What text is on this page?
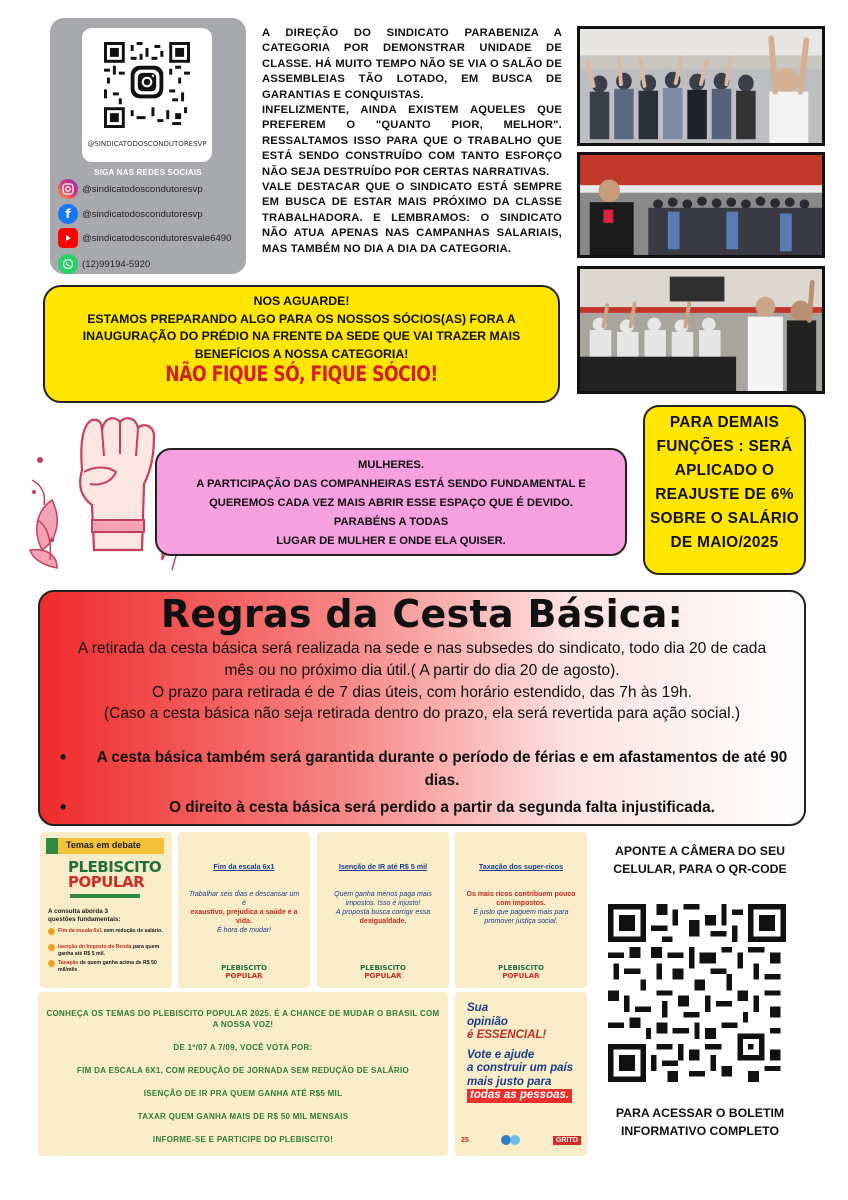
@SINDICATODOSCONDUTORESVP
SIGA NAS REDES SOCIAIS
@sindicatodoscondutoresvp
f	@sindicatodoscondutoresvp
@sindicatodoscondutoresvale6490
(12)99194-5920

A DIREÇÃO DO SINDICATO PARABENIZA A CATEGORIA POR DEMONSTRAR UNIDADE DE CLASSE. HÁ MUITO TEMPO NÃO SE VIA O SALÃO DE ASSEMBLEIAS TÃO LOTADO, EM BUSCA DE GARANTIAS E CONQUISTAS.

INFELIZMENTE, AINDA EXISTEM AQUELES QUE PREFEREM O "QUANTO PIOR, MELHOR". RESSALTAMOS ISSO PARA QUE O TRABALHO QUE ESTÁ SENDO CONSTRUÍDO COM TANTO ESFORÇO NÃO SEJA DESTRUÍDO POR CERTAS NARRATIVAS.

VALE DESTACAR QUE O SINDICATO ESTÁ SEMPRE EM BUSCA DE ESTAR MAIS PRÓXIMO DA CLASSE TRABALHADORA. E LEMBRAMOS: O SINDICATO NÃO ATUA APENAS NAS CAMPANHAS SALARIAIS, MAS TAMBÉM NO DIA A DIA DA CATEGORIA.

NOS AGUARDE!
ESTAMOS PREPARANDO ALGO PARA OS NOSSOS SÓCIOS(AS) FORA A
INAUGURAÇÃO DO PRÉDIO NA FRENTE DA SEDE QUE VAI TRAZER MAIS
BENEFÍCIOS A NOSSA CATEGORIA!
NÃO FIQUE SÓ, FIQUE SÓCIO!
MULHERES.
A PARTICIPAÇÃO DAS COMPANHEIRAS ESTÁ SENDO FUNDAMENTAL E
QUEREMOS CADA VEZ MAIS ABRIR ESSE ESPAÇO QUE É DEVIDO.
PARABÉNS A TODAS
LUGAR DE MULHER E ONDE ELA QUISER.
PARA DEMAIS
FUNÇÕES : SERÁ
APLICADO O
REAJUSTE DE 6%
SOBRE O SALÁRIO
DE MAIO/2025
Regras da Cesta Básica:
A retirada da cesta básica será realizada na sede e nas subsedes do sindicato, todo dia 20 de cada
mês ou no próximo dia útil.( A partir do dia 20 de agosto).
O prazo para retirada é de 7 dias úteis, com horário estendido, das 7h às 19h.
(Caso a cesta básica não seja retirada dentro do prazo, ela será revertida para ação social.)
• A cesta básica também será garantida durante o período de férias e em afastamentos de até 90 dias.
• O direito à cesta básica será perdido a partir da segunda falta injustificada.
Temas em debate
PLEBISCITO
POPULAR
A consulta aborda 3 questões fundamentais:
Fim da escala 6x1 sem redução de salário.
Isenção do Imposto de Renda para quem ganha até R$ 5 mil.
Taxação de quem ganha acima de R$ 50 mil/mês
Fim da escala 6x1
Trabalhar seis dias e descansar um é
exaustivo, prejudica a saúde e a vida.
É hora de mudar!
PLEBISCITO
POPULAR
Isenção de IR até R$ 5 mil
Quem ganha menos paga mais impostos. Isso é injusto!
A proposta busca corrigir essa
desigualdade.
PLEBISCITO
POPULAR
Taxação dos super-ricos
Os mais ricos contribuem pouco com impostos.
É justo que paguem mais para promover justiça social.
PLEBISCITO
POPULAR

CONHEÇA OS TEMAS DO PLEBISCITO POPULAR 2025. É A CHANCE DE MUDAR O BRASIL COM A NOSSA VOZ!

DE 1º/07 A 7/09, VOCÊ VOTA POR:

FIM DA ESCALA 6X1, COM REDUÇÃO DE JORNADA SEM REDUÇÃO DE SALÁRIO

ISENÇÃO DE IR PRA QUEM GANHA ATÉ R$5 MIL

TAXAR QUEM GANHA MAIS DE R$ 50 MIL MENSAIS

INFORME-SE E PARTICIPE DO PLEBISCITO!

Sua
opinião
é ESSENCIAL!
Vote e ajude
a construir um país
mais justo para
todas as pessoas.
25	GRITO
APONTE A CÂMERA DO SEU CELULAR, PARA O QR-CODE
PARA ACESSAR O BOLETIM INFORMATIVO COMPLETO
